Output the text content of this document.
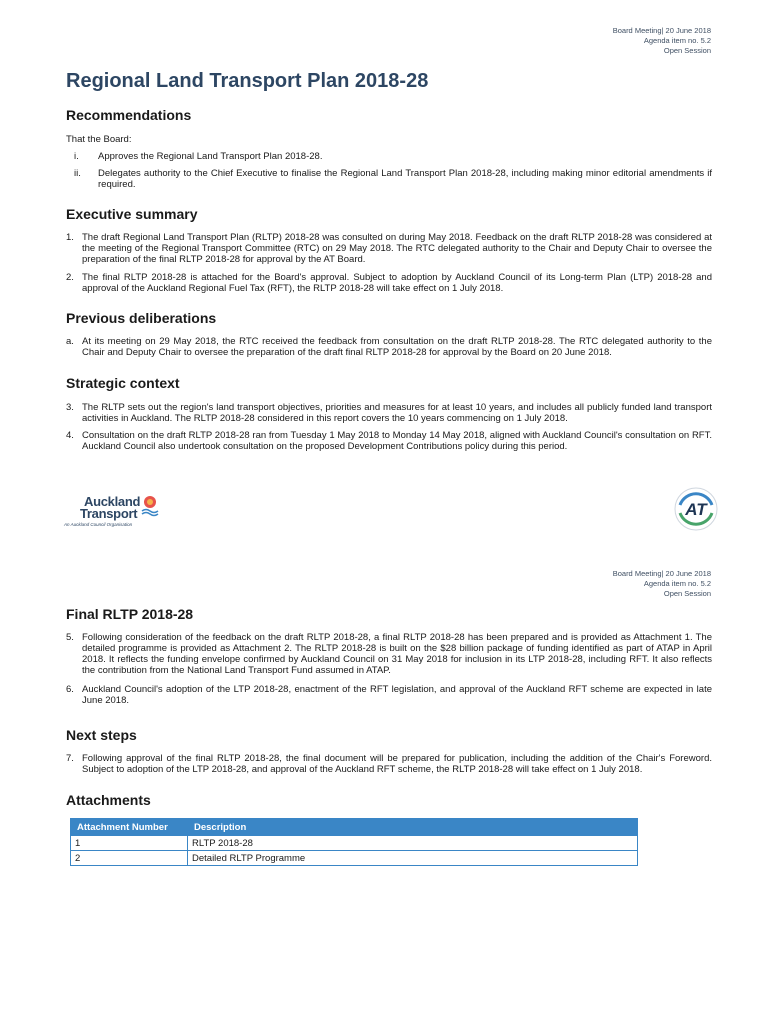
Board Meeting| 20 June 2018
Agenda item no. 5.2
Open Session
Regional Land Transport Plan 2018-28
Recommendations
That the Board:
i.	Approves the Regional Land Transport Plan 2018-28.
ii.	Delegates authority to the Chief Executive to finalise the Regional Land Transport Plan 2018-28, including making minor editorial amendments if required.
Executive summary
1. The draft Regional Land Transport Plan (RLTP) 2018-28 was consulted on during May 2018. Feedback on the draft RLTP 2018-28 was considered at the meeting of the Regional Transport Committee (RTC) on 29 May 2018. The RTC delegated authority to the Chair and Deputy Chair to oversee the preparation of the final RLTP 2018-28 for approval by the AT Board.
2. The final RLTP 2018-28 is attached for the Board's approval. Subject to adoption by Auckland Council of its Long-term Plan (LTP) 2018-28 and approval of the Auckland Regional Fuel Tax (RFT), the RLTP 2018-28 will take effect on 1 July 2018.
Previous deliberations
a. At its meeting on 29 May 2018, the RTC received the feedback from consultation on the draft RLTP 2018-28. The RTC delegated authority to the Chair and Deputy Chair to oversee the preparation of the draft final RLTP 2018-28 for approval by the Board on 20 June 2018.
Strategic context
3. The RLTP sets out the region's land transport objectives, priorities and measures for at least 10 years, and includes all publicly funded land transport activities in Auckland. The RLTP 2018-28 considered in this report covers the 10 years commencing on 1 July 2018.
4. Consultation on the draft RLTP 2018-28 ran from Tuesday 1 May 2018 to Monday 14 May 2018, aligned with Auckland Council's consultation on RFT. Auckland Council also undertook consultation on the proposed Development Contributions policy during this period.
Auckland
Transport
An Auckland Council Organisation
AT
Board Meeting| 20 June 2018
Agenda item no. 5.2
Open Session
Final RLTP 2018-28
5. Following consideration of the feedback on the draft RLTP 2018-28, a final RLTP 2018-28 has been prepared and is provided as Attachment 1. The detailed programme is provided as Attachment 2. The RLTP 2018-28 is built on the $28 billion package of funding identified as part of ATAP in April 2018. It reflects the funding envelope confirmed by Auckland Council on 31 May 2018 for inclusion in its LTP 2018-28, including RFT. It also reflects the contribution from the National Land Transport Fund assumed in ATAP.
6. Auckland Council's adoption of the LTP 2018-28, enactment of the RFT legislation, and approval of the Auckland RFT scheme are expected in late June 2018.
Next steps
7. Following approval of the final RLTP 2018-28, the final document will be prepared for publication, including the addition of the Chair's Foreword. Subject to adoption of the LTP 2018-28, and approval of the Auckland RFT scheme, the RLTP 2018-28 will take effect on 1 July 2018.
Attachments
Attachment Number	Description
1	RLTP 2018-28
2	Detailed RLTP Programme
